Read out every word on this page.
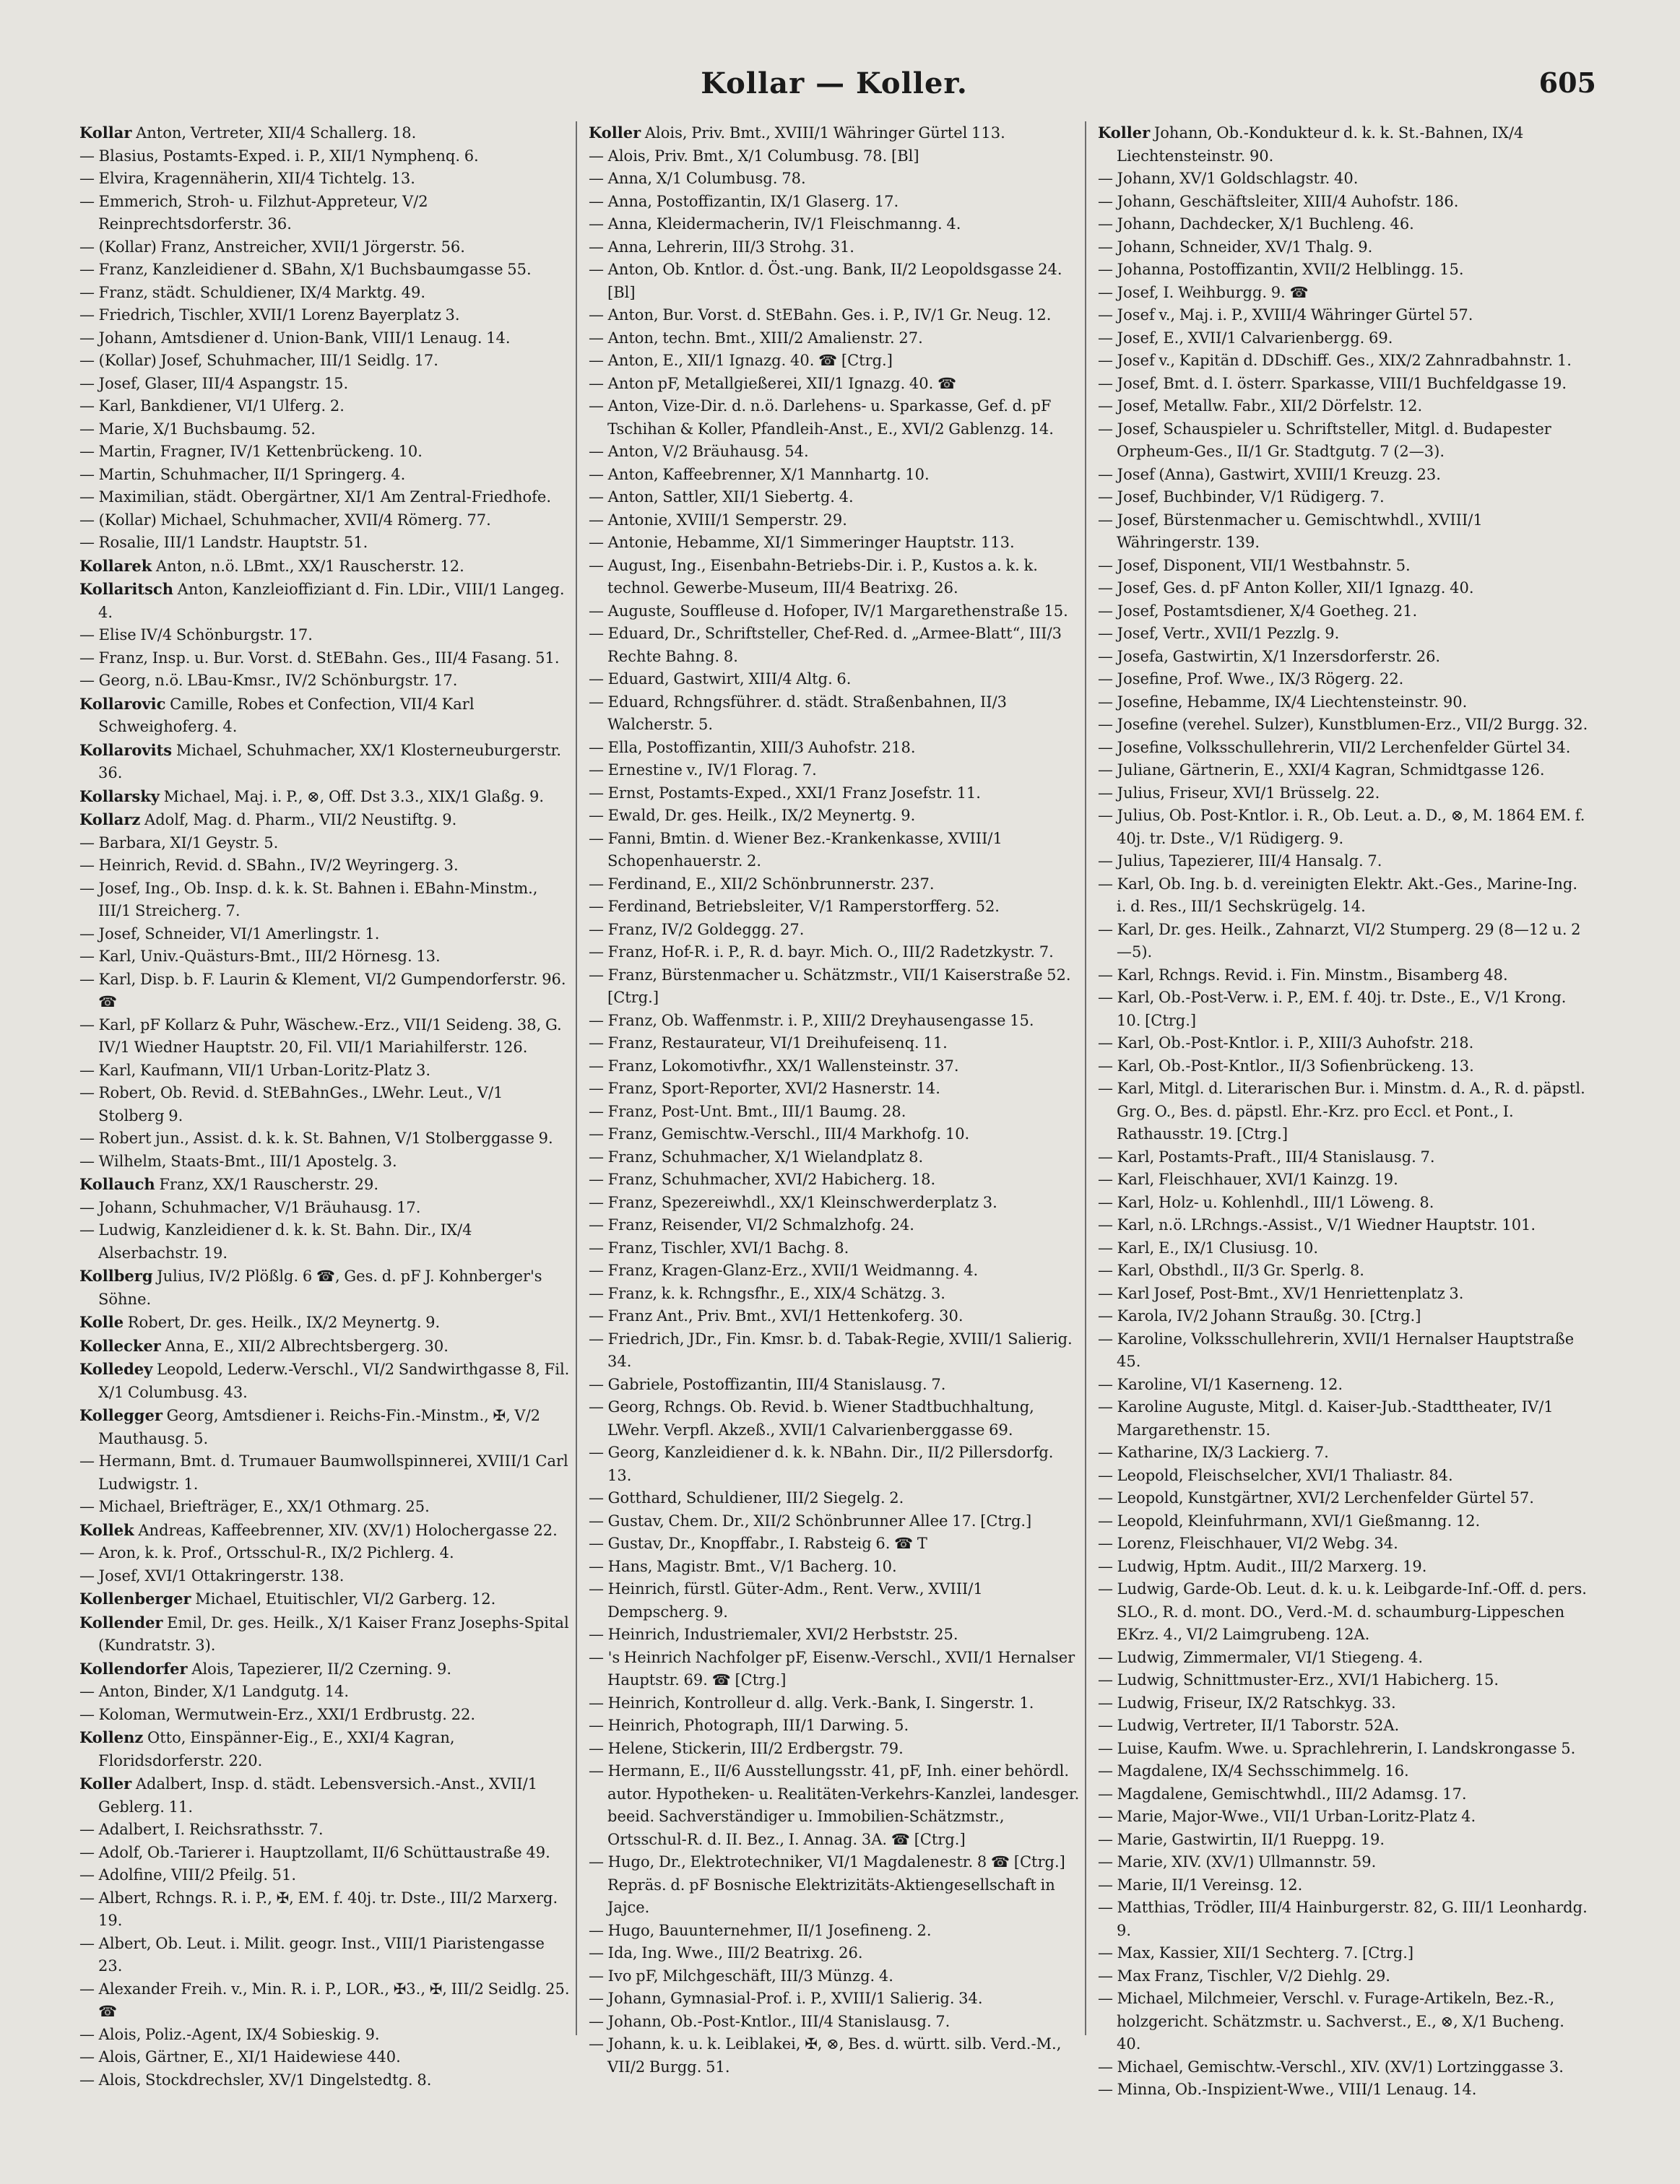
Kollar — Koller.	605
Kollar Anton, Vertreter, XII/4 Schallerg. 18.
— Blasius, Postamts-Exped. i. P., XII/1 Nymphenq. 6.
— Elvira, Kragennäherin, XII/4 Tichtelg. 13.
— Emmerich, Stroh- u. Filzhut-Appreteur, V/2 Reinprechtsdorferstr. 36.
— (Kollar) Franz, Anstreicher, XVII/1 Jörgerstr. 56.
— Franz, Kanzleidiener d. SBahn, X/1 Buchsbaumgasse 55.
— Franz, städt. Schuldiener, IX/4 Marktg. 49.
— Friedrich, Tischler, XVII/1 Lorenz Bayerplatz 3.
— Johann, Amtsdiener d. Union-Bank, VIII/1 Lenaug. 14.
— (Kollar) Josef, Schuhmacher, III/1 Seidlg. 17.
— Josef, Glaser, III/4 Aspangstr. 15.
— Karl, Bankdiener, VI/1 Ulferg. 2.
— Marie, X/1 Buchsbaumg. 52.
— Martin, Fragner, IV/1 Kettenbrückeng. 10.
— Martin, Schuhmacher, II/1 Springerg. 4.
— Maximilian, städt. Obergärtner, XI/1 Am Zentral-Friedhofe.
— (Kollar) Michael, Schuhmacher, XVII/4 Römerg. 77.
— Rosalie, III/1 Landstr. Hauptstr. 51.
Kollarek Anton, n.ö. LBmt., XX/1 Rauscherstr. 12.
Kollaritsch Anton, Kanzleioffiziant d. Fin. LDir., VIII/1 Langeg. 4.
— Elise IV/4 Schönburgstr. 17.
— Franz, Insp. u. Bur. Vorst. d. StEBahn. Ges., III/4 Fasang. 51.
— Georg, n.ö. LBau-Kmsr., IV/2 Schönburgstr. 17.
Kollarovic Camille, Robes et Confection, VII/4 Karl Schweighoferg. 4.
Kollarovits Michael, Schuhmacher, XX/1 Klosterneuburgerstr. 36.
Kollarsky Michael, Maj. i. P., ⊗, Off. Dst 3.3., XIX/1 Glaßg. 9.
Kollarz Adolf, Mag. d. Pharm., VII/2 Neustiftg. 9.
— Barbara, XI/1 Geystr. 5.
— Heinrich, Revid. d. SBahn., IV/2 Weyringerg. 3.
— Josef, Ing., Ob. Insp. d. k. k. St. Bahnen i. EBahn-Minstm., III/1 Streicherg. 7.
— Josef, Schneider, VI/1 Amerlingstr. 1.
— Karl, Univ.-Quästurs-Bmt., III/2 Hörnesg. 13.
— Karl, Disp. b. F. Laurin & Klement, VI/2 Gumpendorferstr. 96. ☎
— Karl, pF Kollarz & Puhr, Wäschew.-Erz., VII/1 Seideng. 38, G. IV/1 Wiedner Hauptstr. 20, Fil. VII/1 Mariahilferstr. 126.
— Karl, Kaufmann, VII/1 Urban-Loritz-Platz 3.
— Robert, Ob. Revid. d. StEBahnGes., LWehr. Leut., V/1 Stolberg 9.
— Robert jun., Assist. d. k. k. St. Bahnen, V/1 Stolberggasse 9.
— Wilhelm, Staats-Bmt., III/1 Apostelg. 3.
Kollauch Franz, XX/1 Rauscherstr. 29.
— Johann, Schuhmacher, V/1 Bräuhausg. 17.
— Ludwig, Kanzleidiener d. k. k. St. Bahn. Dir., IX/4 Alserbachstr. 19.
Kollberg Julius, IV/2 Plößlg. 6 ☎, Ges. d. pF J. Kohnberger's Söhne.
Kolle Robert, Dr. ges. Heilk., IX/2 Meynertg. 9.
Kollecker Anna, E., XII/2 Albrechtsbergerg. 30.
Kolledey Leopold, Lederw.-Verschl., VI/2 Sandwirthgasse 8, Fil. X/1 Columbusg. 43.
Kollegger Georg, Amtsdiener i. Reichs-Fin.-Minstm., ✠, V/2 Mauthausg. 5.
— Hermann, Bmt. d. Trumauer Baumwollspinnerei, XVIII/1 Carl Ludwigstr. 1.
— Michael, Briefträger, E., XX/1 Othmarg. 25.
Kollek Andreas, Kaffeebrenner, XIV. (XV/1) Holochergasse 22.
— Aron, k. k. Prof., Ortsschul-R., IX/2 Pichlerg. 4.
— Josef, XVI/1 Ottakringerstr. 138.
Kollenberger Michael, Etuitischler, VI/2 Garberg. 12.
Kollender Emil, Dr. ges. Heilk., X/1 Kaiser Franz Josephs-Spital (Kundratstr. 3).
Kollendorfer Alois, Tapezierer, II/2 Czerning. 9.
— Anton, Binder, X/1 Landgutg. 14.
— Koloman, Wermutwein-Erz., XXI/1 Erdbrustg. 22.
Kollenz Otto, Einspänner-Eig., E., XXI/4 Kagran, Floridsdorferstr. 220.
Koller Adalbert, Insp. d. städt. Lebensversich.-Anst., XVII/1 Geblerg. 11.
— Adalbert, I. Reichsrathsstr. 7.
— Adolf, Ob.-Tarierer i. Hauptzollamt, II/6 Schüttaustraße 49.
— Adolfine, VIII/2 Pfeilg. 51.
— Albert, Rchngs. R. i. P., ✠, EM. f. 40j. tr. Dste., III/2 Marxerg. 19.
— Albert, Ob. Leut. i. Milit. geogr. Inst., VIII/1 Piaristengasse 23.
— Alexander Freih. v., Min. R. i. P., LOR., ✠3., ✠, III/2 Seidlg. 25. ☎
— Alois, Poliz.-Agent, IX/4 Sobieskig. 9.
— Alois, Gärtner, E., XI/1 Haidewiese 440.
— Alois, Stockdrechsler, XV/1 Dingelstedtg. 8.
Koller Alois, Priv. Bmt., XVIII/1 Währinger Gürtel 113.
— Alois, Priv. Bmt., X/1 Columbusg. 78. [Bl]
— Anna, X/1 Columbusg. 78.
— Anna, Postoffizantin, IX/1 Glaserg. 17.
— Anna, Kleidermacherin, IV/1 Fleischmanng. 4.
— Anna, Lehrerin, III/3 Strohg. 31.
— Anton, Ob. Kntlor. d. Öst.-ung. Bank, II/2 Leopoldsgasse 24. [Bl]
— Anton, Bur. Vorst. d. StEBahn. Ges. i. P., IV/1 Gr. Neug. 12.
— Anton, techn. Bmt., XIII/2 Amalienstr. 27.
— Anton, E., XII/1 Ignazg. 40. ☎ [Ctrg.]
— Anton pF, Metallgießerei, XII/1 Ignazg. 40. ☎
— Anton, Vize-Dir. d. n.ö. Darlehens- u. Sparkasse, Gef. d. pF Tschihan & Koller, Pfandleih-Anst., E., XVI/2 Gablenzg. 14.
— Anton, V/2 Bräuhausg. 54.
— Anton, Kaffeebrenner, X/1 Mannhartg. 10.
— Anton, Sattler, XII/1 Siebertg. 4.
— Antonie, XVIII/1 Semperstr. 29.
— Antonie, Hebamme, XI/1 Simmeringer Hauptstr. 113.
— August, Ing., Eisenbahn-Betriebs-Dir. i. P., Kustos a. k. k. technol. Gewerbe-Museum, III/4 Beatrixg. 26.
— Auguste, Souffleuse d. Hofoper, IV/1 Margarethenstraße 15.
— Eduard, Dr., Schriftsteller, Chef-Red. d. „Armee-Blatt“, III/3 Rechte Bahng. 8.
— Eduard, Gastwirt, XIII/4 Altg. 6.
— Eduard, Rchngsführer. d. städt. Straßenbahnen, II/3 Walcherstr. 5.
— Ella, Postoffizantin, XIII/3 Auhofstr. 218.
— Ernestine v., IV/1 Florag. 7.
— Ernst, Postamts-Exped., XXI/1 Franz Josefstr. 11.
— Ewald, Dr. ges. Heilk., IX/2 Meynertg. 9.
— Fanni, Bmtin. d. Wiener Bez.-Krankenkasse, XVIII/1 Schopenhauerstr. 2.
— Ferdinand, E., XII/2 Schönbrunnerstr. 237.
— Ferdinand, Betriebsleiter, V/1 Ramperstorfferg. 52.
— Franz, IV/2 Goldeggg. 27.
— Franz, Hof-R. i. P., R. d. bayr. Mich. O., III/2 Radetzkystr. 7.
— Franz, Bürstenmacher u. Schätzmstr., VII/1 Kaiserstraße 52. [Ctrg.]
— Franz, Ob. Waffenmstr. i. P., XIII/2 Dreyhausengasse 15.
— Franz, Restaurateur, VI/1 Dreihufeisenq. 11.
— Franz, Lokomotivfhr., XX/1 Wallensteinstr. 37.
— Franz, Sport-Reporter, XVI/2 Hasnerstr. 14.
— Franz, Post-Unt. Bmt., III/1 Baumg. 28.
— Franz, Gemischtw.-Verschl., III/4 Markhofg. 10.
— Franz, Schuhmacher, X/1 Wielandplatz 8.
— Franz, Schuhmacher, XVI/2 Habicherg. 18.
— Franz, Spezereiwhdl., XX/1 Kleinschwerderplatz 3.
— Franz, Reisender, VI/2 Schmalzhofg. 24.
— Franz, Tischler, XVI/1 Bachg. 8.
— Franz, Kragen-Glanz-Erz., XVII/1 Weidmanng. 4.
— Franz, k. k. Rchngsfhr., E., XIX/4 Schätzg. 3.
— Franz Ant., Priv. Bmt., XVI/1 Hettenkoferg. 30.
— Friedrich, JDr., Fin. Kmsr. b. d. Tabak-Regie, XVIII/1 Salierig. 34.
— Gabriele, Postoffizantin, III/4 Stanislausg. 7.
— Georg, Rchngs. Ob. Revid. b. Wiener Stadtbuchhaltung, LWehr. Verpfl. Akzeß., XVII/1 Calvarienberggasse 69.
— Georg, Kanzleidiener d. k. k. NBahn. Dir., II/2 Pillersdorfg. 13.
— Gotthard, Schuldiener, III/2 Siegelg. 2.
— Gustav, Chem. Dr., XII/2 Schönbrunner Allee 17. [Ctrg.]
— Gustav, Dr., Knopffabr., I. Rabsteig 6. ☎ T
— Hans, Magistr. Bmt., V/1 Bacherg. 10.
— Heinrich, fürstl. Güter-Adm., Rent. Verw., XVIII/1 Dempscherg. 9.
— Heinrich, Industriemaler, XVI/2 Herbststr. 25.
— 's Heinrich Nachfolger pF, Eisenw.-Verschl., XVII/1 Hernalser Hauptstr. 69. ☎ [Ctrg.]
— Heinrich, Kontrolleur d. allg. Verk.-Bank, I. Singerstr. 1.
— Heinrich, Photograph, III/1 Darwing. 5.
— Helene, Stickerin, III/2 Erdbergstr. 79.
— Hermann, E., II/6 Ausstellungsstr. 41, pF, Inh. einer behördl. autor. Hypotheken- u. Realitäten-Verkehrs-Kanzlei, landesger. beeid. Sachverständiger u. Immobilien-Schätzmstr., Ortsschul-R. d. II. Bez., I. Annag. 3A. ☎ [Ctrg.]
— Hugo, Dr., Elektrotechniker, VI/1 Magdalenestr. 8 ☎ [Ctrg.] Repräs. d. pF Bosnische Elektrizitäts-Aktiengesellschaft in Jajce.
— Hugo, Bauunternehmer, II/1 Josefineng. 2.
— Ida, Ing. Wwe., III/2 Beatrixg. 26.
— Ivo pF, Milchgeschäft, III/3 Münzg. 4.
— Johann, Gymnasial-Prof. i. P., XVIII/1 Salierig. 34.
— Johann, Ob.-Post-Kntlor., III/4 Stanislausg. 7.
— Johann, k. u. k. Leiblakei, ✠, ⊗, Bes. d. württ. silb. Verd.-M., VII/2 Burgg. 51.
Koller Johann, Ob.-Kondukteur d. k. k. St.-Bahnen, IX/4 Liechtensteinstr. 90.
— Johann, XV/1 Goldschlagstr. 40.
— Johann, Geschäftsleiter, XIII/4 Auhofstr. 186.
— Johann, Dachdecker, X/1 Buchleng. 46.
— Johann, Schneider, XV/1 Thalg. 9.
— Johanna, Postoffizantin, XVII/2 Helblingg. 15.
— Josef, I. Weihburgg. 9. ☎
— Josef v., Maj. i. P., XVIII/4 Währinger Gürtel 57.
— Josef, E., XVII/1 Calvarienbergg. 69.
— Josef v., Kapitän d. DDschiff. Ges., XIX/2 Zahnradbahnstr. 1.
— Josef, Bmt. d. I. österr. Sparkasse, VIII/1 Buchfeldgasse 19.
— Josef, Metallw. Fabr., XII/2 Dörfelstr. 12.
— Josef, Schauspieler u. Schriftsteller, Mitgl. d. Budapester Orpheum-Ges., II/1 Gr. Stadtgutg. 7 (2—3).
— Josef (Anna), Gastwirt, XVIII/1 Kreuzg. 23.
— Josef, Buchbinder, V/1 Rüdigerg. 7.
— Josef, Bürstenmacher u. Gemischtwhdl., XVIII/1 Währingerstr. 139.
— Josef, Disponent, VII/1 Westbahnstr. 5.
— Josef, Ges. d. pF Anton Koller, XII/1 Ignazg. 40.
— Josef, Postamtsdiener, X/4 Goetheg. 21.
— Josef, Vertr., XVII/1 Pezzlg. 9.
— Josefa, Gastwirtin, X/1 Inzersdorferstr. 26.
— Josefine, Prof. Wwe., IX/3 Rögerg. 22.
— Josefine, Hebamme, IX/4 Liechtensteinstr. 90.
— Josefine (verehel. Sulzer), Kunstblumen-Erz., VII/2 Burgg. 32.
— Josefine, Volksschullehrerin, VII/2 Lerchenfelder Gürtel 34.
— Juliane, Gärtnerin, E., XXI/4 Kagran, Schmidtgasse 126.
— Julius, Friseur, XVI/1 Brüsselg. 22.
— Julius, Ob. Post-Kntlor. i. R., Ob. Leut. a. D., ⊗, M. 1864 EM. f. 40j. tr. Dste., V/1 Rüdigerg. 9.
— Julius, Tapezierer, III/4 Hansalg. 7.
— Karl, Ob. Ing. b. d. vereinigten Elektr. Akt.-Ges., Marine-Ing. i. d. Res., III/1 Sechskrügelg. 14.
— Karl, Dr. ges. Heilk., Zahnarzt, VI/2 Stumperg. 29 (8—12 u. 2—5).
— Karl, Rchngs. Revid. i. Fin. Minstm., Bisamberg 48.
— Karl, Ob.-Post-Verw. i. P., EM. f. 40j. tr. Dste., E., V/1 Krong. 10. [Ctrg.]
— Karl, Ob.-Post-Kntlor. i. P., XIII/3 Auhofstr. 218.
— Karl, Ob.-Post-Kntlor., II/3 Sofienbrückeng. 13.
— Karl, Mitgl. d. Literarischen Bur. i. Minstm. d. A., R. d. päpstl. Grg. O., Bes. d. päpstl. Ehr.-Krz. pro Eccl. et Pont., I. Rathausstr. 19. [Ctrg.]
— Karl, Postamts-Praft., III/4 Stanislausg. 7.
— Karl, Fleischhauer, XVI/1 Kainzg. 19.
— Karl, Holz- u. Kohlenhdl., III/1 Löweng. 8.
— Karl, n.ö. LRchngs.-Assist., V/1 Wiedner Hauptstr. 101.
— Karl, E., IX/1 Clusiusg. 10.
— Karl, Obsthdl., II/3 Gr. Sperlg. 8.
— Karl Josef, Post-Bmt., XV/1 Henriettenplatz 3.
— Karola, IV/2 Johann Straußg. 30. [Ctrg.]
— Karoline, Volksschullehrerin, XVII/1 Hernalser Hauptstraße 45.
— Karoline, VI/1 Kaserneng. 12.
— Karoline Auguste, Mitgl. d. Kaiser-Jub.-Stadttheater, IV/1 Margarethenstr. 15.
— Katharine, IX/3 Lackierg. 7.
— Leopold, Fleischselcher, XVI/1 Thaliastr. 84.
— Leopold, Kunstgärtner, XVI/2 Lerchenfelder Gürtel 57.
— Leopold, Kleinfuhrmann, XVI/1 Gießmanng. 12.
— Lorenz, Fleischhauer, VI/2 Webg. 34.
— Ludwig, Hptm. Audit., III/2 Marxerg. 19.
— Ludwig, Garde-Ob. Leut. d. k. u. k. Leibgarde-Inf.-Off. d. pers. SLO., R. d. mont. DO., Verd.-M. d. schaumburg-Lippeschen EKrz. 4., VI/2 Laimgrubeng. 12A.
— Ludwig, Zimmermaler, VI/1 Stiegeng. 4.
— Ludwig, Schnittmuster-Erz., XVI/1 Habicherg. 15.
— Ludwig, Friseur, IX/2 Ratschkyg. 33.
— Ludwig, Vertreter, II/1 Taborstr. 52A.
— Luise, Kaufm. Wwe. u. Sprachlehrerin, I. Landskrongasse 5.
— Magdalene, IX/4 Sechsschimmelg. 16.
— Magdalene, Gemischtwhdl., III/2 Adamsg. 17.
— Marie, Major-Wwe., VII/1 Urban-Loritz-Platz 4.
— Marie, Gastwirtin, II/1 Rueppg. 19.
— Marie, XIV. (XV/1) Ullmannstr. 59.
— Marie, II/1 Vereinsg. 12.
— Matthias, Trödler, III/4 Hainburgerstr. 82, G. III/1 Leonhardg. 9.
— Max, Kassier, XII/1 Sechterg. 7. [Ctrg.]
— Max Franz, Tischler, V/2 Diehlg. 29.
— Michael, Milchmeier, Verschl. v. Furage-Artikeln, Bez.-R., holzgericht. Schätzmstr. u. Sachverst., E., ⊗, X/1 Bucheng. 40.
— Michael, Gemischtw.-Verschl., XIV. (XV/1) Lortzinggasse 3.
— Minna, Ob.-Inspizient-Wwe., VIII/1 Lenaug. 14.
